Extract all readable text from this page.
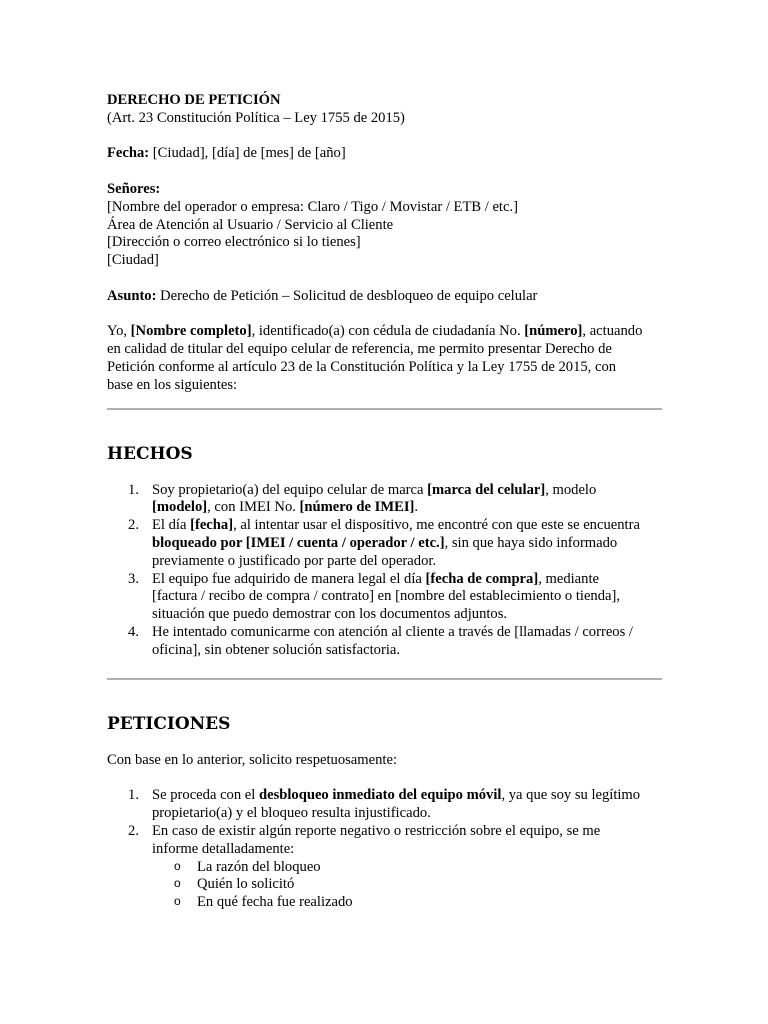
DERECHO DE PETICIÓN
(Art. 23 Constitución Política – Ley 1755 de 2015)

Fecha: [Ciudad], [día] de [mes] de [año]

Señores:
[Nombre del operador o empresa: Claro / Tigo / Movistar / ETB / etc.]
Área de Atención al Usuario / Servicio al Cliente
[Dirección o correo electrónico si lo tienes]
[Ciudad]

Asunto: Derecho de Petición – Solicitud de desbloqueo de equipo celular

Yo, [Nombre completo], identificado(a) con cédula de ciudadanía No. [número], actuando
en calidad de titular del equipo celular de referencia, me permito presentar Derecho de
Petición conforme al artículo 23 de la Constitución Política y la Ley 1755 de 2015, con
base en los siguientes:

HECHOS
1. Soy propietario(a) del equipo celular de marca [marca del celular], modelo
[modelo], con IMEI No. [número de IMEI].
2. El día [fecha], al intentar usar el dispositivo, me encontré con que este se encuentra
bloqueado por [IMEI / cuenta / operador / etc.], sin que haya sido informado
previamente o justificado por parte del operador.
3. El equipo fue adquirido de manera legal el día [fecha de compra], mediante
[factura / recibo de compra / contrato] en [nombre del establecimiento o tienda],
situación que puedo demostrar con los documentos adjuntos.
4. He intentado comunicarme con atención al cliente a través de [llamadas / correos /
oficina], sin obtener solución satisfactoria.
PETICIONES

Con base en lo anterior, solicito respetuosamente:

1. Se proceda con el desbloqueo inmediato del equipo móvil, ya que soy su legítimo
propietario(a) y el bloqueo resulta injustificado.
2. En caso de existir algún reporte negativo o restricción sobre el equipo, se me
informe detalladamente:
o La razón del bloqueo
o Quién lo solicitó
o En qué fecha fue realizado
